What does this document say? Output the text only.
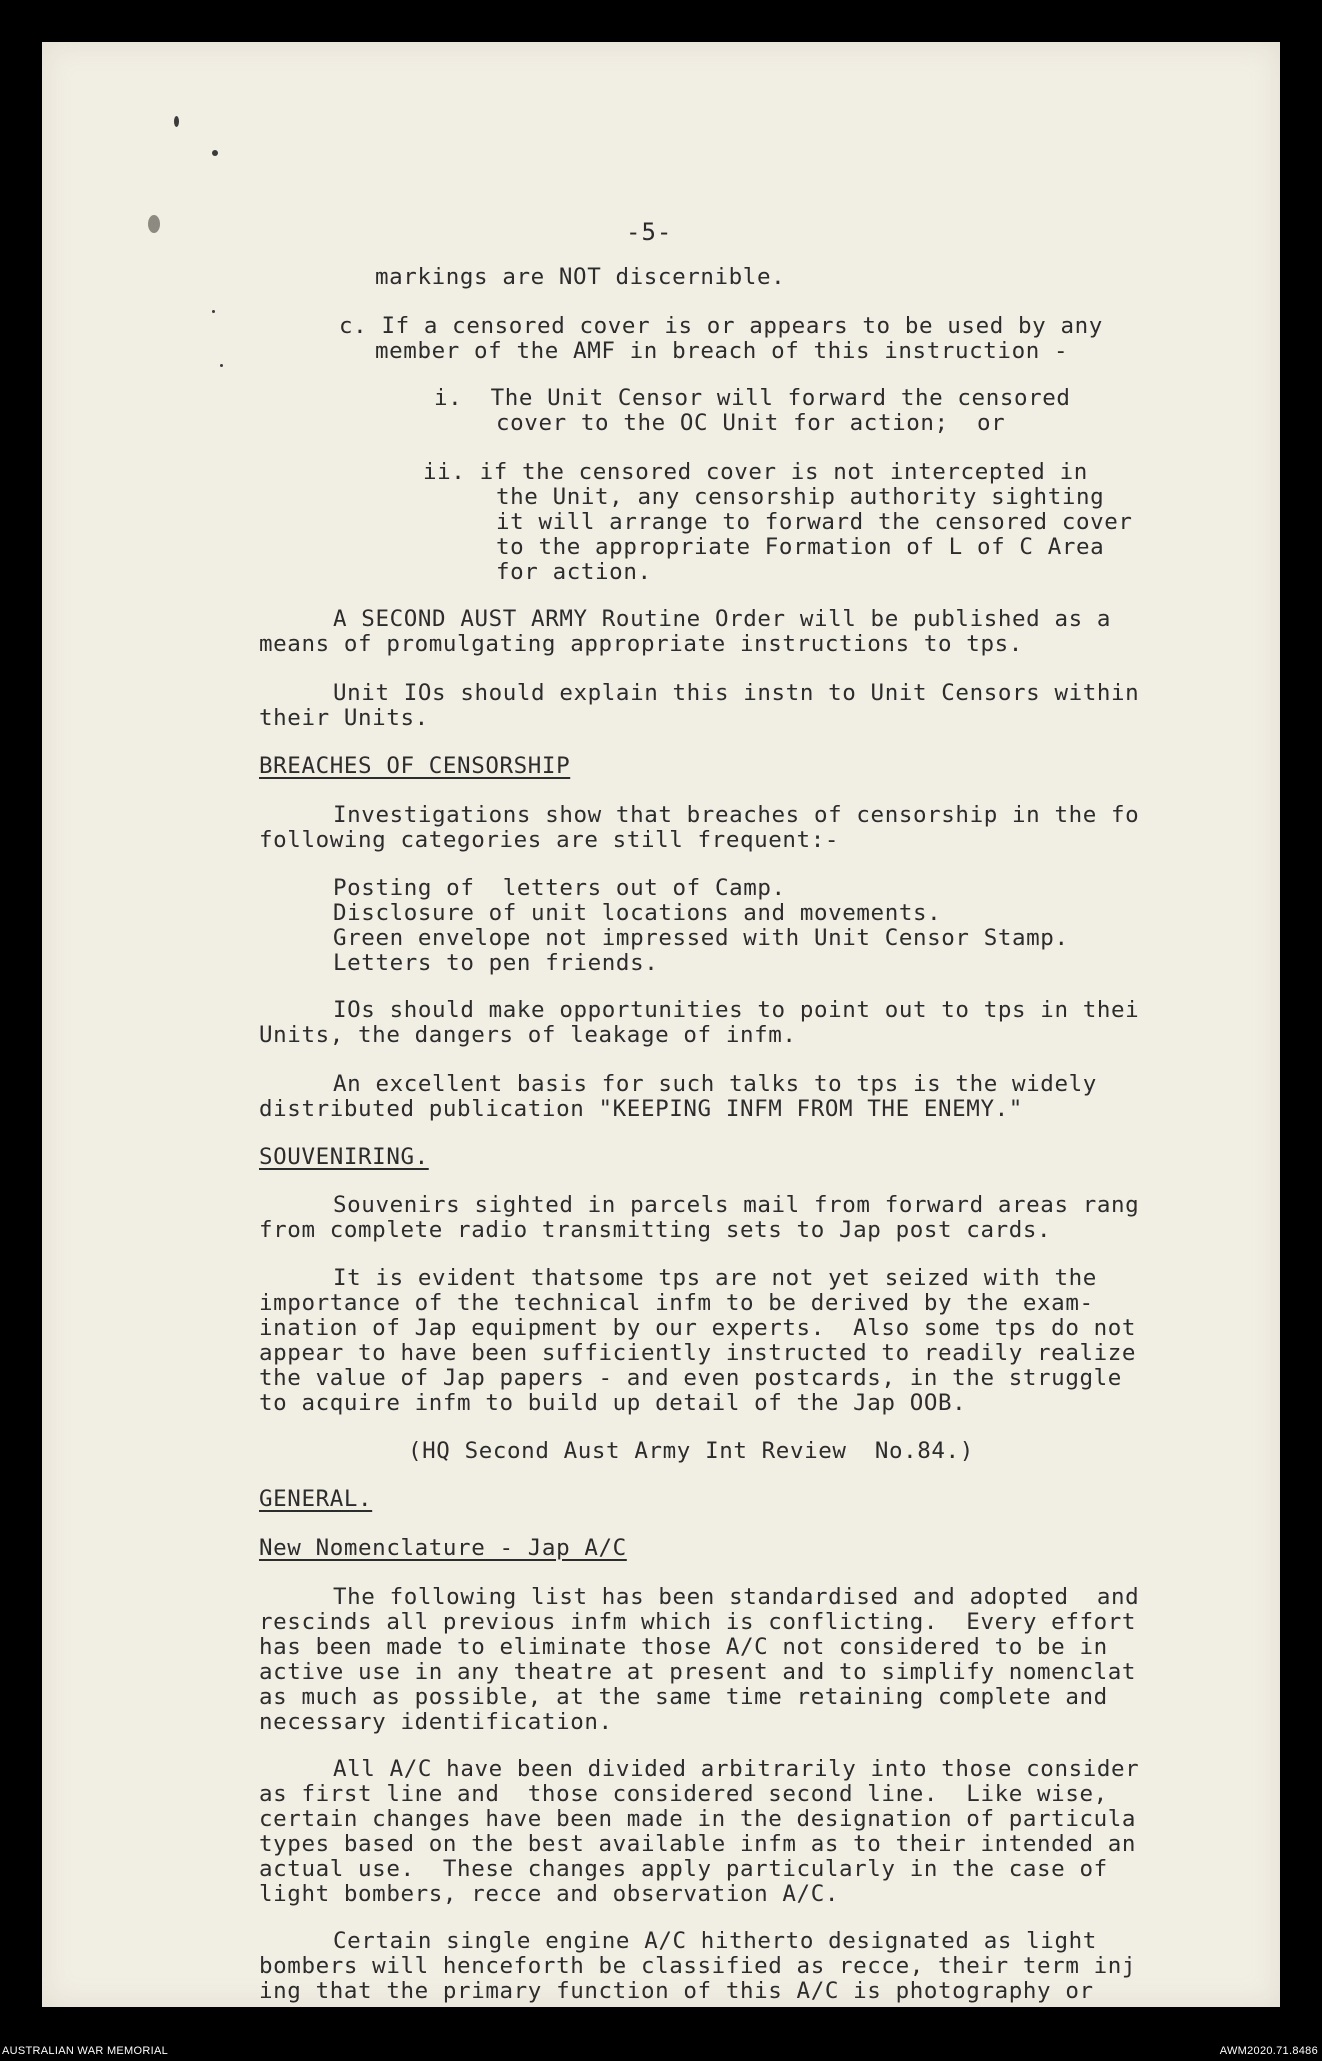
-5-
markings are NOT discernible.
c. If a censored cover is or appears to be used by any
member of the AMF in breach of this instruction -
i.  The Unit Censor will forward the censored
cover to the OC Unit for action;  or
ii. if the censored cover is not intercepted in
the Unit, any censorship authority sighting
it will arrange to forward the censored cover
to the appropriate Formation of L of C Area
for action.
A SECOND AUST ARMY Routine Order will be published as a
means of promulgating appropriate instructions to tps.
Unit IOs should explain this instn to Unit Censors within
their Units.
BREACHES OF CENSORSHIP
Investigations show that breaches of censorship in the fo
following categories are still frequent:-
Posting of  letters out of Camp.
Disclosure of unit locations and movements.
Green envelope not impressed with Unit Censor Stamp.
Letters to pen friends.
IOs should make opportunities to point out to tps in thei
Units, the dangers of leakage of infm.
An excellent basis for such talks to tps is the widely
distributed publication "KEEPING INFM FROM THE ENEMY."
SOUVENIRING.
Souvenirs sighted in parcels mail from forward areas rang
from complete radio transmitting sets to Jap post cards.
It is evident thatsome tps are not yet seized with the
importance of the technical infm to be derived by the exam-
ination of Jap equipment by our experts.  Also some tps do not
appear to have been sufficiently instructed to readily realize
the value of Jap papers - and even postcards, in the struggle
to acquire infm to build up detail of the Jap OOB.
(HQ Second Aust Army Int Review  No.84.)
GENERAL.
New Nomenclature - Jap A/C
The following list has been standardised and adopted  and
rescinds all previous infm which is conflicting.  Every effort
has been made to eliminate those A/C not considered to be in
active use in any theatre at present and to simplify nomenclat
as much as possible, at the same time retaining complete and
necessary identification.
All A/C have been divided arbitrarily into those consider
as first line and  those considered second line.  Like wise,
certain changes have been made in the designation of particula
types based on the best available infm as to their intended an
actual use.  These changes apply particularly in the case of
light bombers, recce and observation A/C.
Certain single engine A/C hitherto designated as light
bombers will henceforth be classified as recce, their term inj
ing that the primary function of this A/C is photography or
AUSTRALIAN WAR MEMORIAL	AWM2020.71.8486
